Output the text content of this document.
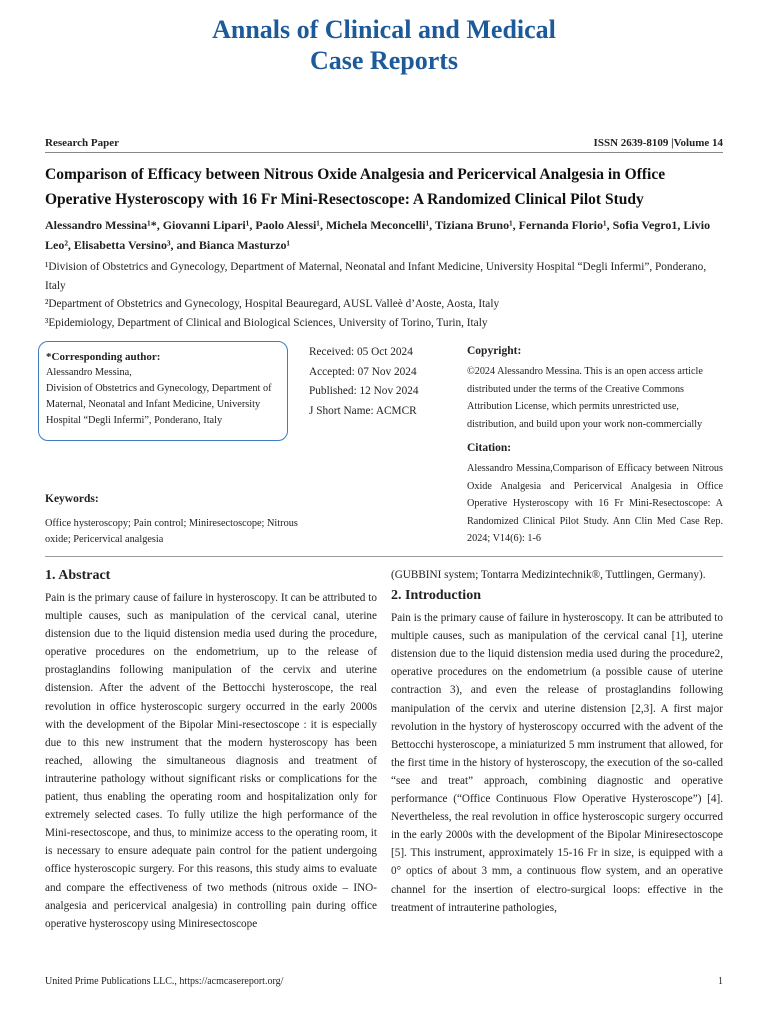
Annals of Clinical and Medical
Case Reports
Research Paper	ISSN 2639-8109 |Volume 14
Comparison of Efficacy between Nitrous Oxide Analgesia and Pericervical Analgesia in Office Operative Hysteroscopy with 16 Fr Mini-Resectoscope: A Randomized Clinical Pilot Study
Alessandro Messina¹*, Giovanni Lipari¹, Paolo Alessi¹, Michela Meconcelli¹, Tiziana Bruno¹, Fernanda Florio¹, Sofia Vegro1, Livio Leo², Elisabetta Versino³, and Bianca Masturzo¹
¹Division of Obstetrics and Gynecology, Department of Maternal, Neonatal and Infant Medicine, University Hospital “Degli Infermi”, Ponderano, Italy
²Department of Obstetrics and Gynecology, Hospital Beauregard, AUSL Valleè d’Aoste, Aosta, Italy
³Epidemiology, Department of Clinical and Biological Sciences, University of Torino, Turin, Italy
*Corresponding author:
Alessandro Messina,
Division of Obstetrics and Gynecology, Department of Maternal, Neonatal and Infant Medicine, University Hospital “Degli Infermi”, Ponderano, Italy
Received: 05 Oct 2024
Accepted: 07 Nov 2024
Published: 12 Nov 2024
J Short Name: ACMCR
Copyright:
©2024 Alessandro Messina. This is an open access article distributed under the terms of the Creative Commons Attribution License, which permits unrestricted use, distribution, and build upon your work non-commercially
Citation:
Alessandro Messina,Comparison of Efficacy between Nitrous Oxide Analgesia and Pericervical Analgesia in Office Operative Hysteroscopy with 16 Fr Mini-Resectoscope: A Randomized Clinical Pilot Study. Ann Clin Med Case Rep. 2024; V14(6): 1-6
Keywords:
Office hysteroscopy; Pain control; Miniresectoscope; Nitrous oxide; Pericervical analgesia
1. Abstract
Pain is the primary cause of failure in hysteroscopy. It can be attributed to multiple causes, such as manipulation of the cervical canal, uterine distension due to the liquid distension media used during the procedure, operative procedures on the endometrium, up to the release of prostaglandins following manipulation of the cervix and uterine distension. After the advent of the Bettocchi hysteroscope, the real revolution in office hysteroscopic surgery occurred in the early 2000s with the development of the Bipolar Mini-resectoscope : it is especially due to this new instrument that the modern hysteroscopy has been reached, allowing the simultaneous diagnosis and treatment of intrauterine pathology without significant risks or complications for the patient, thus enabling the operating room and hospitalization only for extremely selected cases. To fully utilize the high performance of the Mini-resectoscope, and thus, to minimize access to the operating room, it is necessary to ensure adequate pain control for the patient undergoing office hysteroscopic surgery. For this reasons, this study aims to evaluate and compare the effectiveness of two methods (nitrous oxide – INO- analgesia and pericervical analgesia) in controlling pain during office operative hysteroscopy using Miniresectoscope
(GUBBINI system; Tontarra Medizintechnik®, Tuttlingen, Germany).
2. Introduction
Pain is the primary cause of failure in hysteroscopy. It can be attributed to multiple causes, such as manipulation of the cervical canal [1], uterine distension due to the liquid distension media used during the procedure2, operative procedures on the endometrium (a possible cause of uterine contraction 3), and even the release of prostaglandins following manipulation of the cervix and uterine distension [2,3]. A first major revolution in the hystory of hysteroscopy occurred with the advent of the Bettocchi hysteroscope, a miniaturized 5 mm instrument that allowed, for the first time in the history of hysteroscopy, the execution of the so-called “see and treat” approach, combining diagnostic and operative performance (“Office Continuous Flow Operative Hysteroscope”) [4]. Nevertheless, the real revolution in office hysteroscopic surgery occurred in the early 2000s with the development of the Bipolar Miniresectoscope [5]. This instrument, approximately 15-16 Fr in size, is equipped with a 0° optics of about 3 mm, a continuous flow system, and an operative channel for the insertion of electro-surgical loops: effective in the treatment of intrauterine pathologies,
United Prime Publications LLC., https://acmcasereport.org/	1
